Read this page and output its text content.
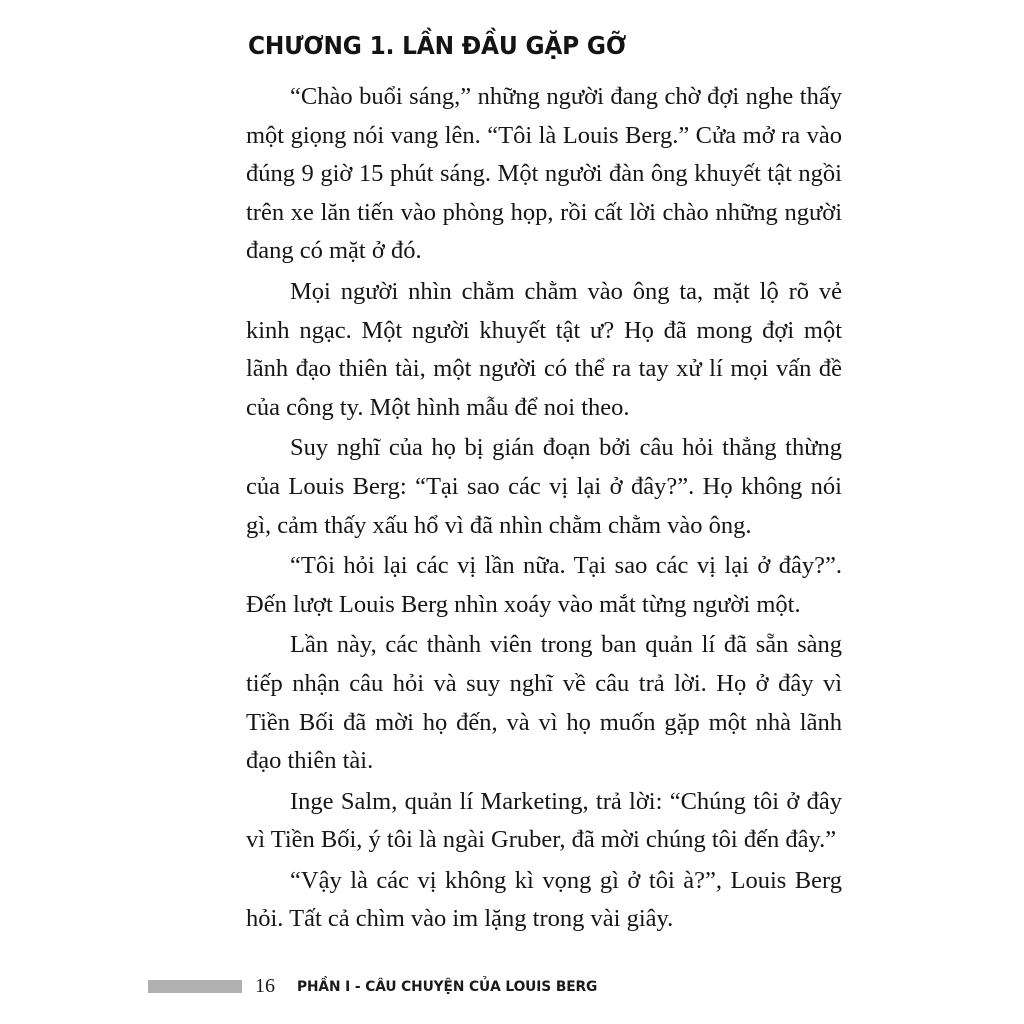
CHƯƠNG 1. LẦN ĐẦU GẶP GỠ

“Chào buổi sáng,” những người đang chờ đợi nghe thấy một giọng nói vang lên. “Tôi là Louis Berg.” Cửa mở ra vào đúng 9 giờ 15 phút sáng. Một người đàn ông khuyết tật ngồi trên xe lăn tiến vào phòng họp, rồi cất lời chào những người đang có mặt ở đó.

Mọi người nhìn chằm chằm vào ông ta, mặt lộ rõ vẻ kinh ngạc. Một người khuyết tật ư? Họ đã mong đợi một lãnh đạo thiên tài, một người có thể ra tay xử lí mọi vấn đề của công ty. Một hình mẫu để noi theo.

Suy nghĩ của họ bị gián đoạn bởi câu hỏi thẳng thừng của Louis Berg: “Tại sao các vị lại ở đây?”. Họ không nói gì, cảm thấy xấu hổ vì đã nhìn chằm chằm vào ông.

“Tôi hỏi lại các vị lần nữa. Tại sao các vị lại ở đây?”. Đến lượt Louis Berg nhìn xoáy vào mắt từng người một.

Lần này, các thành viên trong ban quản lí đã sẵn sàng tiếp nhận câu hỏi và suy nghĩ về câu trả lời. Họ ở đây vì Tiền Bối đã mời họ đến, và vì họ muốn gặp một nhà lãnh đạo thiên tài.

Inge Salm, quản lí Marketing, trả lời: “Chúng tôi ở đây vì Tiền Bối, ý tôi là ngài Gruber, đã mời chúng tôi đến đây.”

“Vậy là các vị không kì vọng gì ở tôi à?”, Louis Berg hỏi. Tất cả chìm vào im lặng trong vài giây.

16 PHẦN I - CÂU CHUYỆN CỦA LOUIS BERG
